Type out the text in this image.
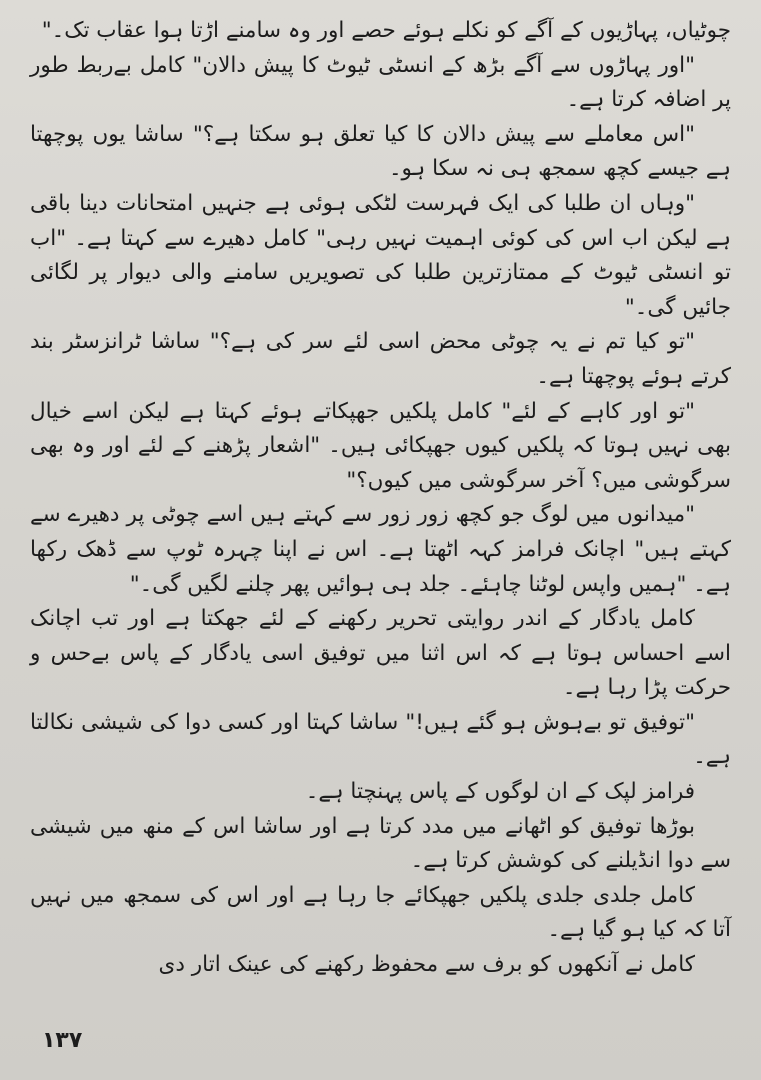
چوٹیاں، پہاڑیوں کے آگے کو نکلے ہوئے حصے اور وہ سامنے اڑتا ہوا عقاب تک۔"

"اور پہاڑوں سے آگے بڑھ کے انسٹی ٹیوٹ کا پیش دالان" کامل بےربط طور پر اضافہ کرتا ہے۔

"اس معاملے سے پیش دالان کا کیا تعلق ہو سکتا ہے؟" ساشا یوں پوچھتا ہے جیسے کچھ سمجھ ہی نہ سکا ہو۔

"وہاں ان طلبا کی ایک فہرست لٹکی ہوئی ہے جنہیں امتحانات دینا باقی ہے لیکن اب اس کی کوئی اہمیت نہیں رہی" کامل دھیرے سے کہتا ہے۔ "اب تو انسٹی ٹیوٹ کے ممتازترین طلبا کی تصویریں سامنے والی دیوار پر لگائی جائیں گی۔"

"تو کیا تم نے یہ چوٹی محض اسی لئے سر کی ہے؟" ساشا ٹرانزسٹر بند کرتے ہوئے پوچھتا ہے۔

"تو اور کاہے کے لئے" کامل پلکیں جھپکاتے ہوئے کہتا ہے لیکن اسے خیال بھی نہیں ہوتا کہ پلکیں کیوں جھپکائی ہیں۔ "اشعار پڑھنے کے لئے اور وہ بھی سرگوشی میں؟ آخر سرگوشی میں کیوں؟"

"میدانوں میں لوگ جو کچھ زور زور سے کہتے ہیں اسے چوٹی پر دھیرے سے کہتے ہیں" اچانک فرامز کہہ اٹھتا ہے۔ اس نے اپنا چہرہ ٹوپ سے ڈھک رکھا ہے۔ "ہمیں واپس لوٹنا چاہئے۔ جلد ہی ہوائیں پھر چلنے لگیں گی۔"

کامل یادگار کے اندر روایتی تحریر رکھنے کے لئے جھکتا ہے اور تب اچانک اسے احساس ہوتا ہے کہ اس اثنا میں توفیق اسی یادگار کے پاس بےحس و حرکت پڑا رہا ہے۔

"توفیق تو بےہوش ہو گئے ہیں!" ساشا کہتا اور کسی دوا کی شیشی نکالتا ہے۔

فرامز لپک کے ان لوگوں کے پاس پہنچتا ہے۔

بوڑھا توفیق کو اٹھانے میں مدد کرتا ہے اور ساشا اس کے منھ میں شیشی سے دوا انڈیلنے کی کوشش کرتا ہے۔

کامل جلدی جلدی پلکیں جھپکائے جا رہا ہے اور اس کی سمجھ میں نہیں آتا کہ کیا ہو گیا ہے۔

کامل نے آنکھوں کو برف سے محفوظ رکھنے کی عینک اتار دی

١٣٧
